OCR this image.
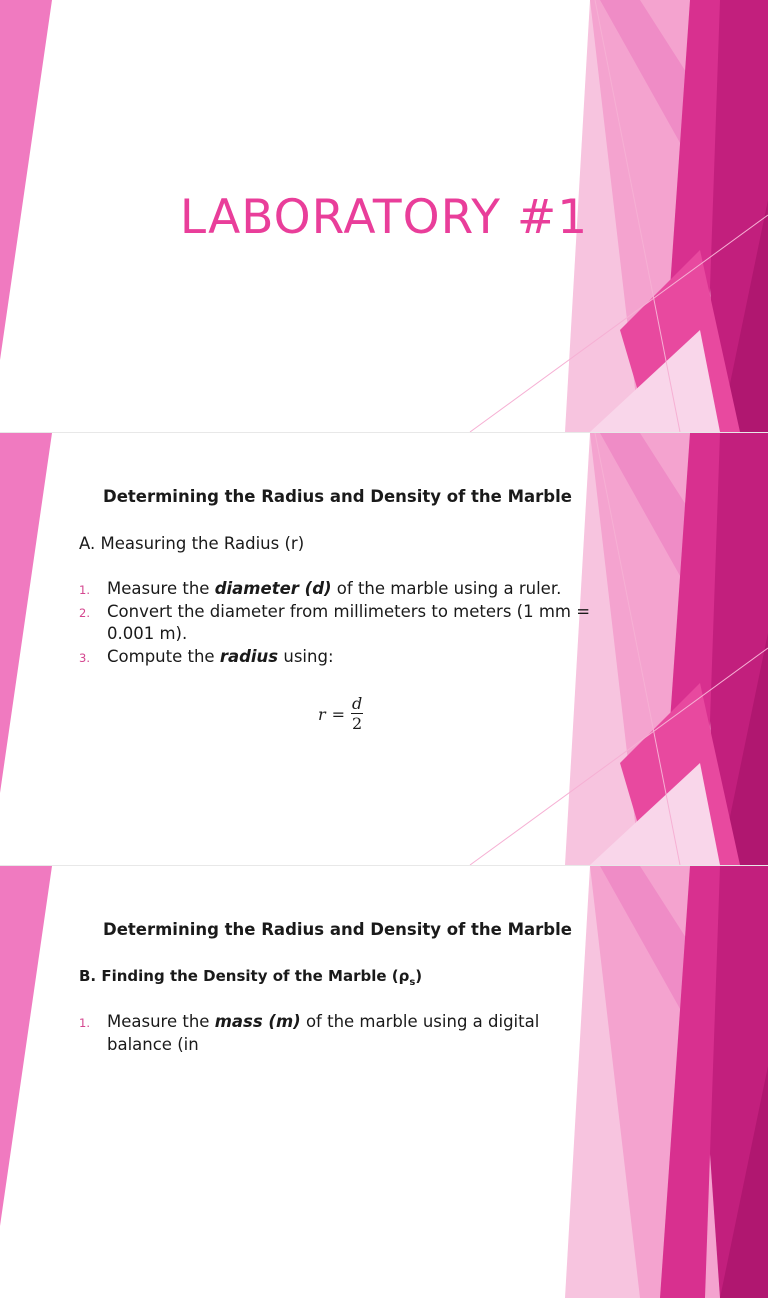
LABORATORY #1
Determining the Radius and Density of the Marble

A. Measuring the Radius (r)

1. Measure the diameter (d) of the marble using a ruler.
2. Convert the diameter from millimeters to meters (1 mm = 0.001 m).
3. Compute the radius using:
$r = \frac{d}{2}$
Determining the Radius and Density of the Marble

B. Finding the Density of the Marble $(\rho_s)$

1. Measure the mass (m) of the marble using a digital balance (in
